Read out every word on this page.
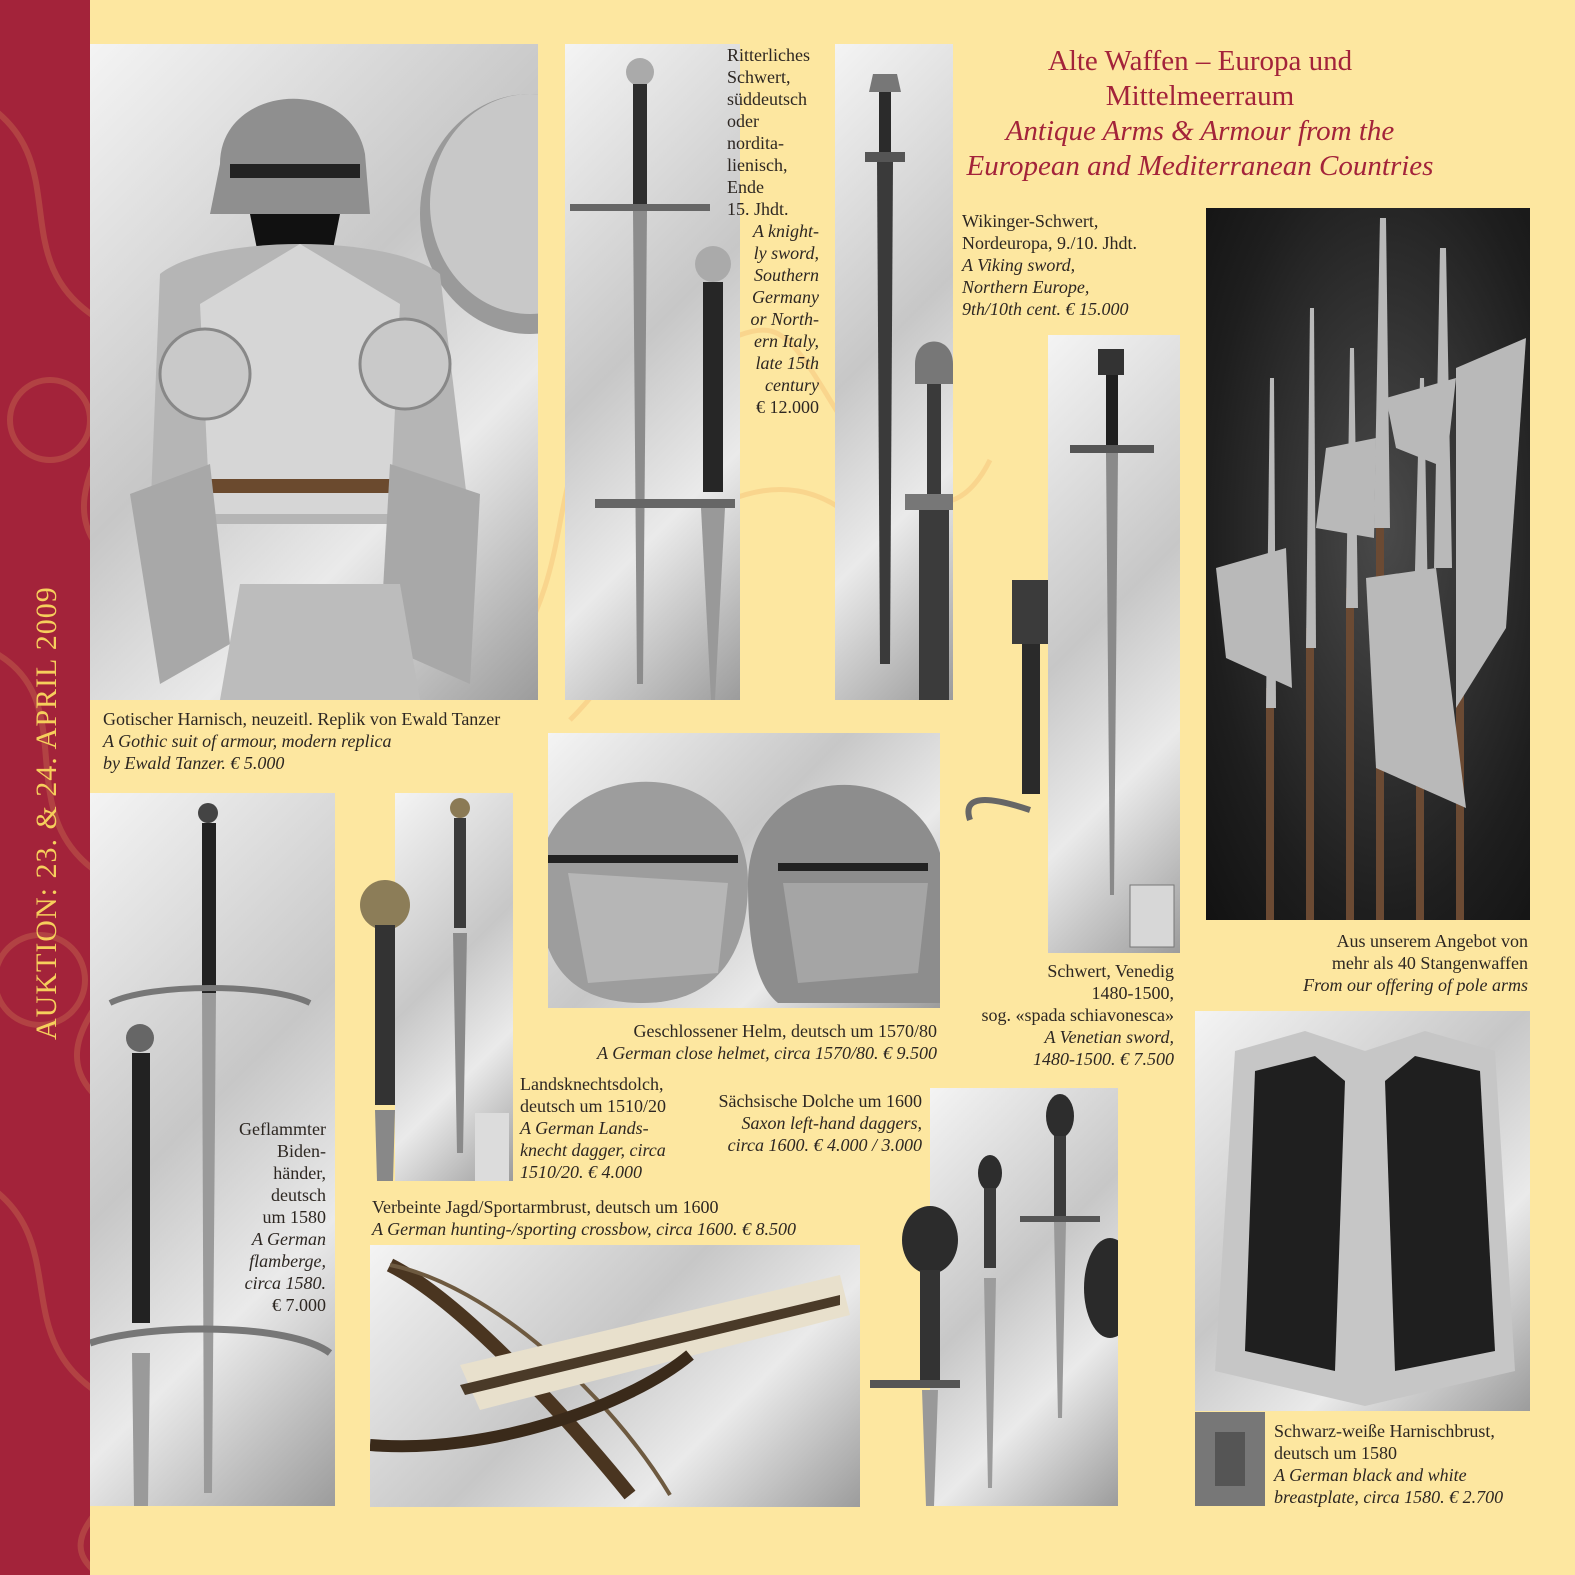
AUKTION: 23. & 24. APRIL 2009
Alte Waffen – Europa und
Mittelmeerraum
Antique Arms & Armour from the
European and Mediterranean Countries
Gotischer Harnisch, neuzeitl. Replik von Ewald Tanzer
A Gothic suit of armour, modern replica
by Ewald Tanzer. € 5.000
Ritterliches
Schwert,
süddeutsch
oder
nordita-
lienisch,
Ende
15. Jhdt.
A knight-
ly sword,
Southern
Germany
or North-
ern Italy,
late 15th
century
€ 12.000
Wikinger-Schwert,
Nordeuropa, 9./10. Jhdt.
A Viking sword,
Northern Europe,
9th/10th cent. € 15.000
Schwert, Venedig
1480-1500,
sog. «spada schiavonesca»
A Venetian sword,
1480-1500. € 7.500
Aus unserem Angebot von
mehr als 40 Stangenwaffen
From our offering of pole arms
Geschlossener Helm, deutsch um 1570/80
A German close helmet, circa 1570/80. € 9.500
Geflammter
Biden-
händer,
deutsch
um 1580
A German
flamberge,
circa 1580.
€ 7.000
Landsknechtsdolch,
deutsch um 1510/20
A German Lands-
knecht dagger, circa
1510/20. € 4.000
Sächsische Dolche um 1600
Saxon left-hand daggers,
circa 1600. € 4.000 / 3.000
Verbeinte Jagd/Sportarmbrust, deutsch um 1600
A German hunting-/sporting crossbow, circa 1600. € 8.500
Schwarz-weiße Harnischbrust,
deutsch um 1580
A German black and white
breastplate, circa 1580. € 2.700
